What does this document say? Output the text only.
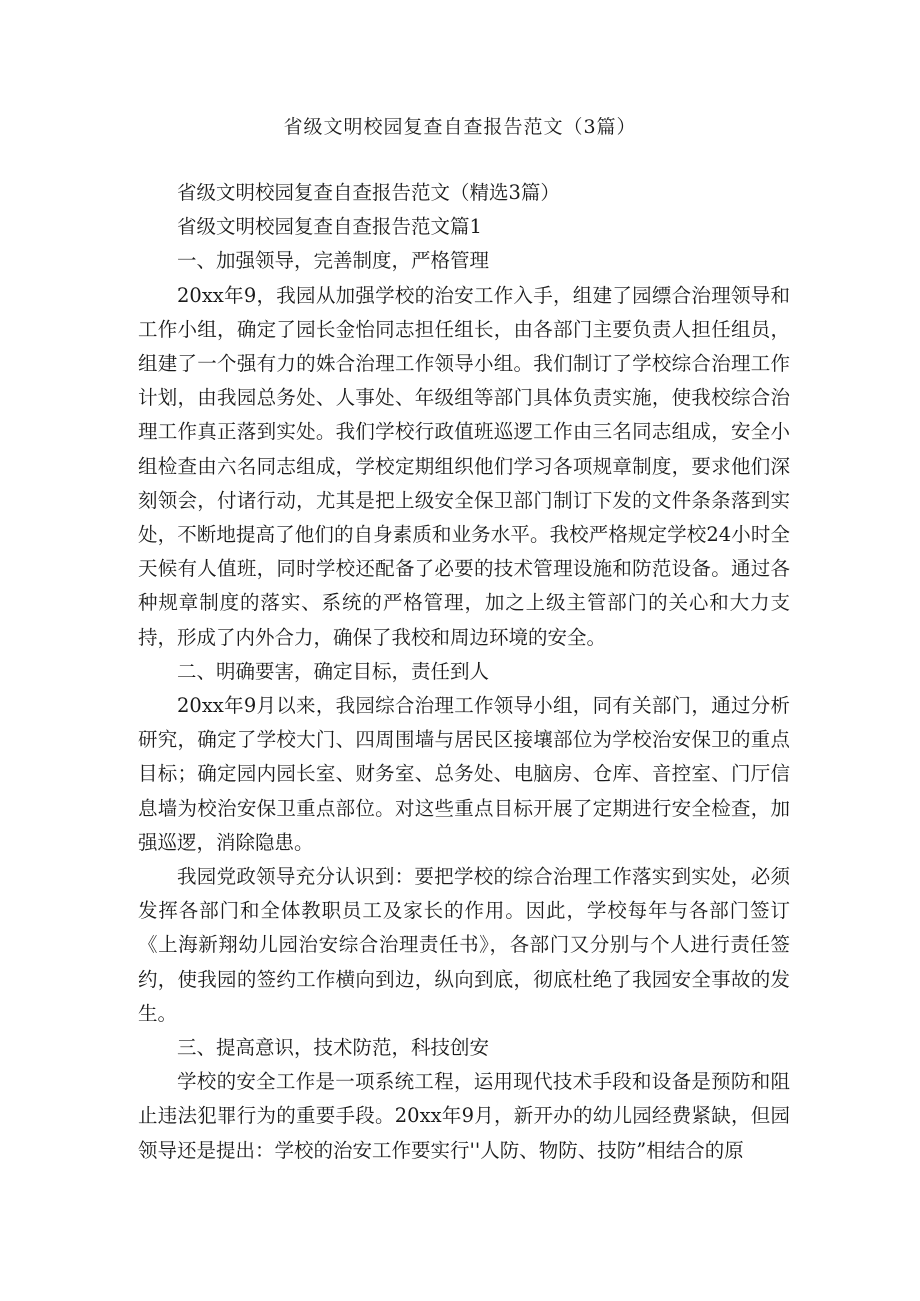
省级文明校园复查自查报告范文（3篇）

省级文明校园复查自查报告范文（精选3篇）

省级文明校园复查自查报告范文篇1

一、加强领导，完善制度，严格管理

20xx年9，我园从加强学校的治安工作入手，组建了园缥合治理领导和工作小组，确定了园长金怡同志担任组长，由各部门主要负责人担任组员，组建了一个强有力的姝合治理工作领导小组。我们制订了学校综合治理工作计划，由我园总务处、人事处、年级组等部门具体负责实施，使我校综合治理工作真正落到实处。我们学校行政值班巡逻工作由三名同志组成，安全小组检查由六名同志组成，学校定期组织他们学习各项规章制度，要求他们深刻领会，付诸行动，尤其是把上级安全保卫部门制订下发的文件条条落到实处，不断地提高了他们的自身素质和业务水平。我校严格规定学校24小时全天候有人值班，同时学校还配备了必要的技术管理设施和防范设备。通过各种规章制度的落实、系统的严格管理，加之上级主管部门的关心和大力支持，形成了内外合力，确保了我校和周边环境的安全。

二、明确要害，确定目标，责任到人

20xx年9月以来，我园综合治理工作领导小组，同有关部门，通过分析研究，确定了学校大门、四周围墙与居民区接壤部位为学校治安保卫的重点目标；确定园内园长室、财务室、总务处、电脑房、仓库、音控室、门厅信息墙为校治安保卫重点部位。对这些重点目标开展了定期进行安全检查，加强巡逻，消除隐患。

我园党政领导充分认识到：要把学校的综合治理工作落实到实处，必须发挥各部门和全体教职员工及家长的作用。因此，学校每年与各部门签订《上海新翔幼儿园治安综合治理责任书》，各部门又分别与个人进行责任签约，使我园的签约工作横向到边，纵向到底，彻底杜绝了我园安全事故的发生。

三、提高意识，技术防范，科技创安

学校的安全工作是一项系统工程，运用现代技术手段和设备是预防和阻止违法犯罪行为的重要手段。20xx年9月，新开办的幼儿园经费紧缺，但园领导还是提出：学校的治安工作要实行''人防、物防、技防”相结合的原
